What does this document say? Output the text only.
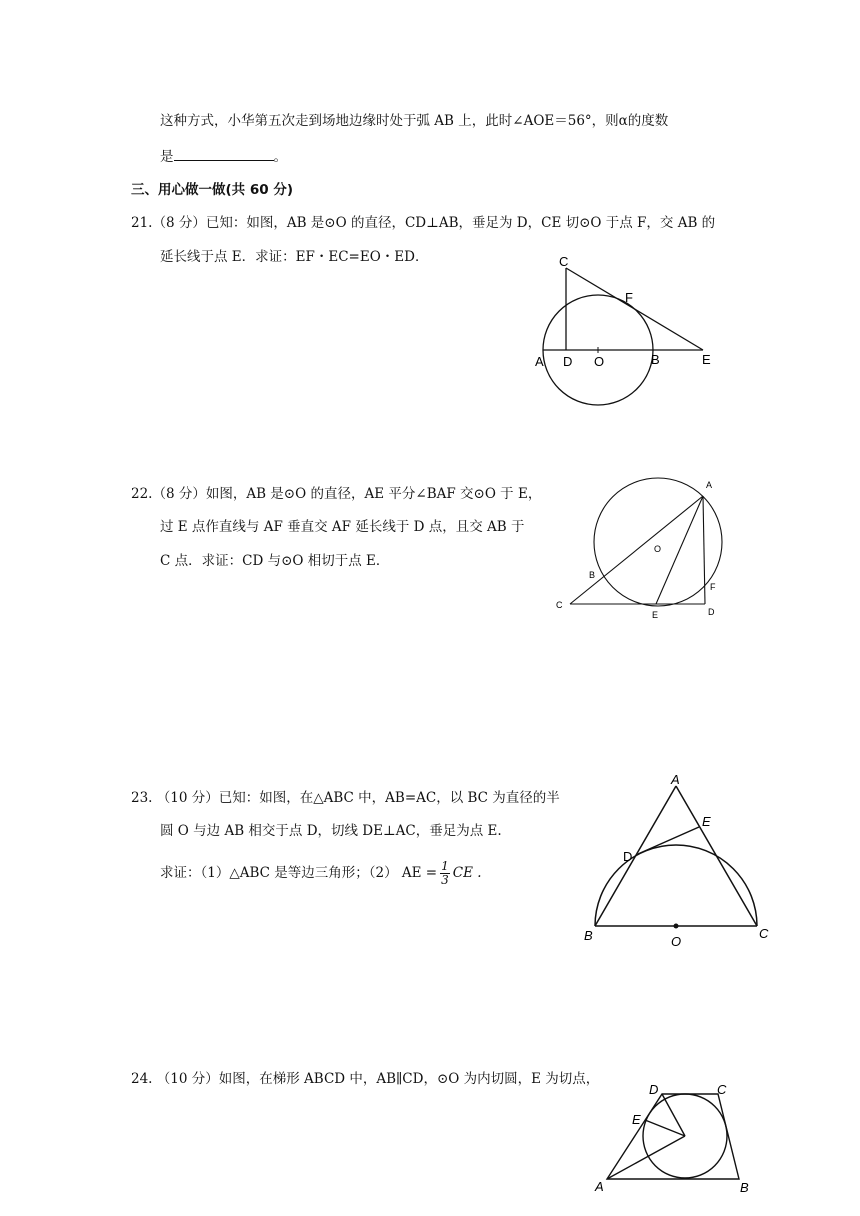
这种方式，小华第五次走到场地边缘时处于弧 AB 上，此时∠AOE＝56°，则α的度数
是	。
三、用心做一做(共 60 分)
21.（8 分）已知：如图，AB 是⊙O 的直径，CD⊥AB，垂足为 D，CE 切⊙O 于点 F，交 AB 的
延长线于点 E．求证：EF・EC=EO・ED．	C
F
A D O	B	E
22.（8 分）如图，AB 是⊙O 的直径，AE 平分∠BAF 交⊙O 于 E，
过 E 点作直线与 AF 垂直交 AF 延长线于 D 点，且交 AB 于
C 点．求证：CD 与⊙O 相切于点 E．
A
O
B
F
C
E	D
23. （10 分）已知：如图，在△ABC 中，AB=AC，以 BC 为直径的半
圆 O 与边 AB 相交于点 D，切线 DE⊥AC，垂足为点 E.
求证：（1）△ABC 是等边三角形；（2） AE = $\frac{1}{3}$ CE .
A
E
D
B	O
C
24. （10 分）如图，在梯形 ABCD 中，AB∥CD，⊙O 为内切圆，E 为切点，
D	C
E
A	B
